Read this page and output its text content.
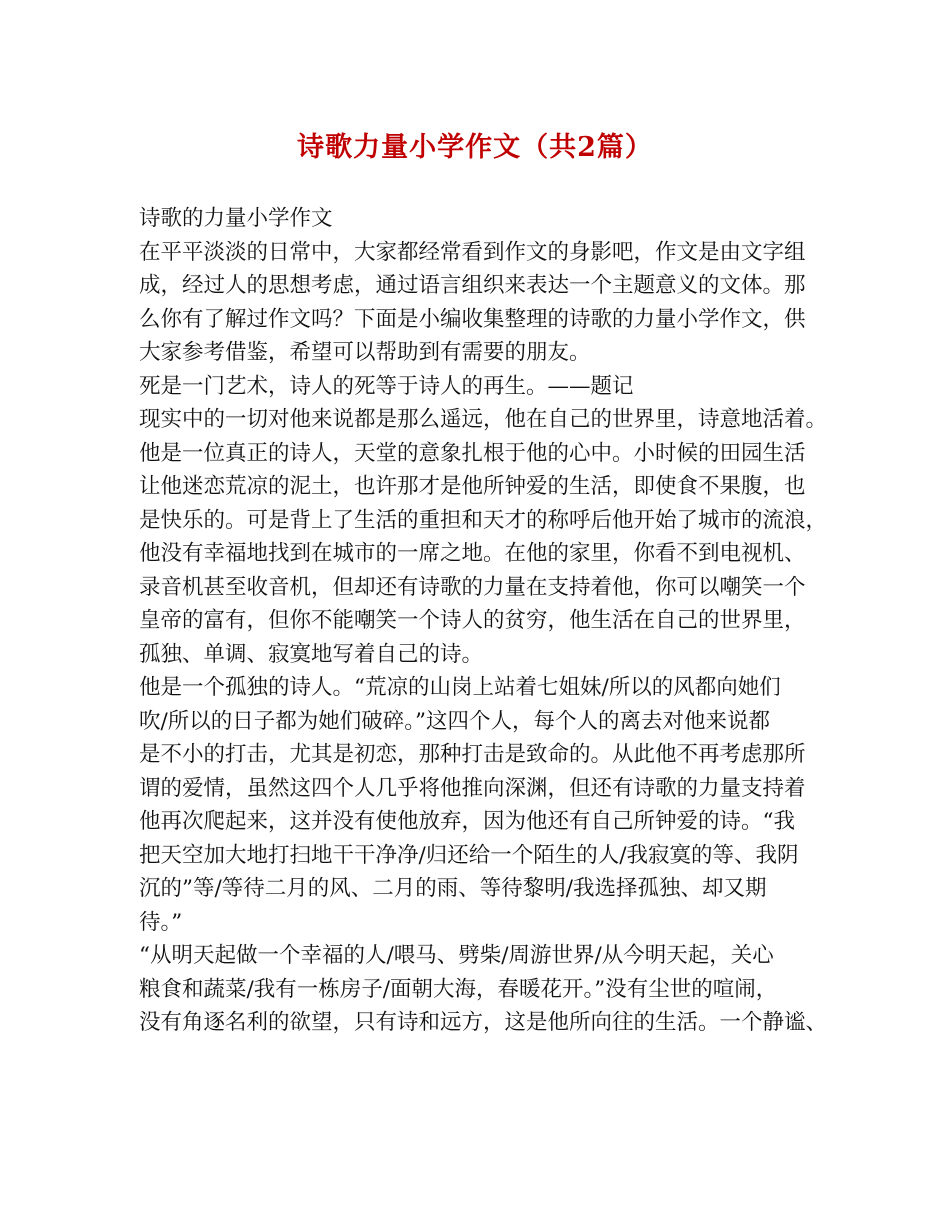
诗歌力量小学作文（共2篇）
诗歌的力量小学作文
在平平淡淡的日常中，大家都经常看到作文的身影吧，作文是由文字组
成，经过人的思想考虑，通过语言组织来表达一个主题意义的文体。那
么你有了解过作文吗？下面是小编收集整理的诗歌的力量小学作文，供
大家参考借鉴，希望可以帮助到有需要的朋友。
死是一门艺术，诗人的死等于诗人的再生。——题记
现实中的一切对他来说都是那么遥远，他在自己的世界里，诗意地活着。
他是一位真正的诗人，天堂的意象扎根于他的心中。小时候的田园生活
让他迷恋荒凉的泥土，也许那才是他所钟爱的生活，即使食不果腹，也
是快乐的。可是背上了生活的重担和天才的称呼后他开始了城市的流浪，
他没有幸福地找到在城市的一席之地。在他的家里，你看不到电视机、
录音机甚至收音机，但却还有诗歌的力量在支持着他，你可以嘲笑一个
皇帝的富有，但你不能嘲笑一个诗人的贫穷，他生活在自己的世界里，
孤独、单调、寂寞地写着自己的诗。
他是一个孤独的诗人。“荒凉的山岗上站着七姐妹/所以的风都向她们
吹/所以的日子都为她们破碎。”这四个人，每个人的离去对他来说都
是不小的打击，尤其是初恋，那种打击是致命的。从此他不再考虑那所
谓的爱情，虽然这四个人几乎将他推向深渊，但还有诗歌的力量支持着
他再次爬起来，这并没有使他放弃，因为他还有自己所钟爱的诗。“我
把天空加大地打扫地干干净净/归还给一个陌生的人/我寂寞的等、我阴
沉的”等/等待二月的风、二月的雨、等待黎明/我选择孤独、却又期
待。”
“从明天起做一个幸福的人/喂马、劈柴/周游世界/从今明天起，关心
粮食和蔬菜/我有一栋房子/面朝大海，春暖花开。”没有尘世的喧闹，
没有角逐名利的欲望，只有诗和远方，这是他所向往的生活。一个静谧、
